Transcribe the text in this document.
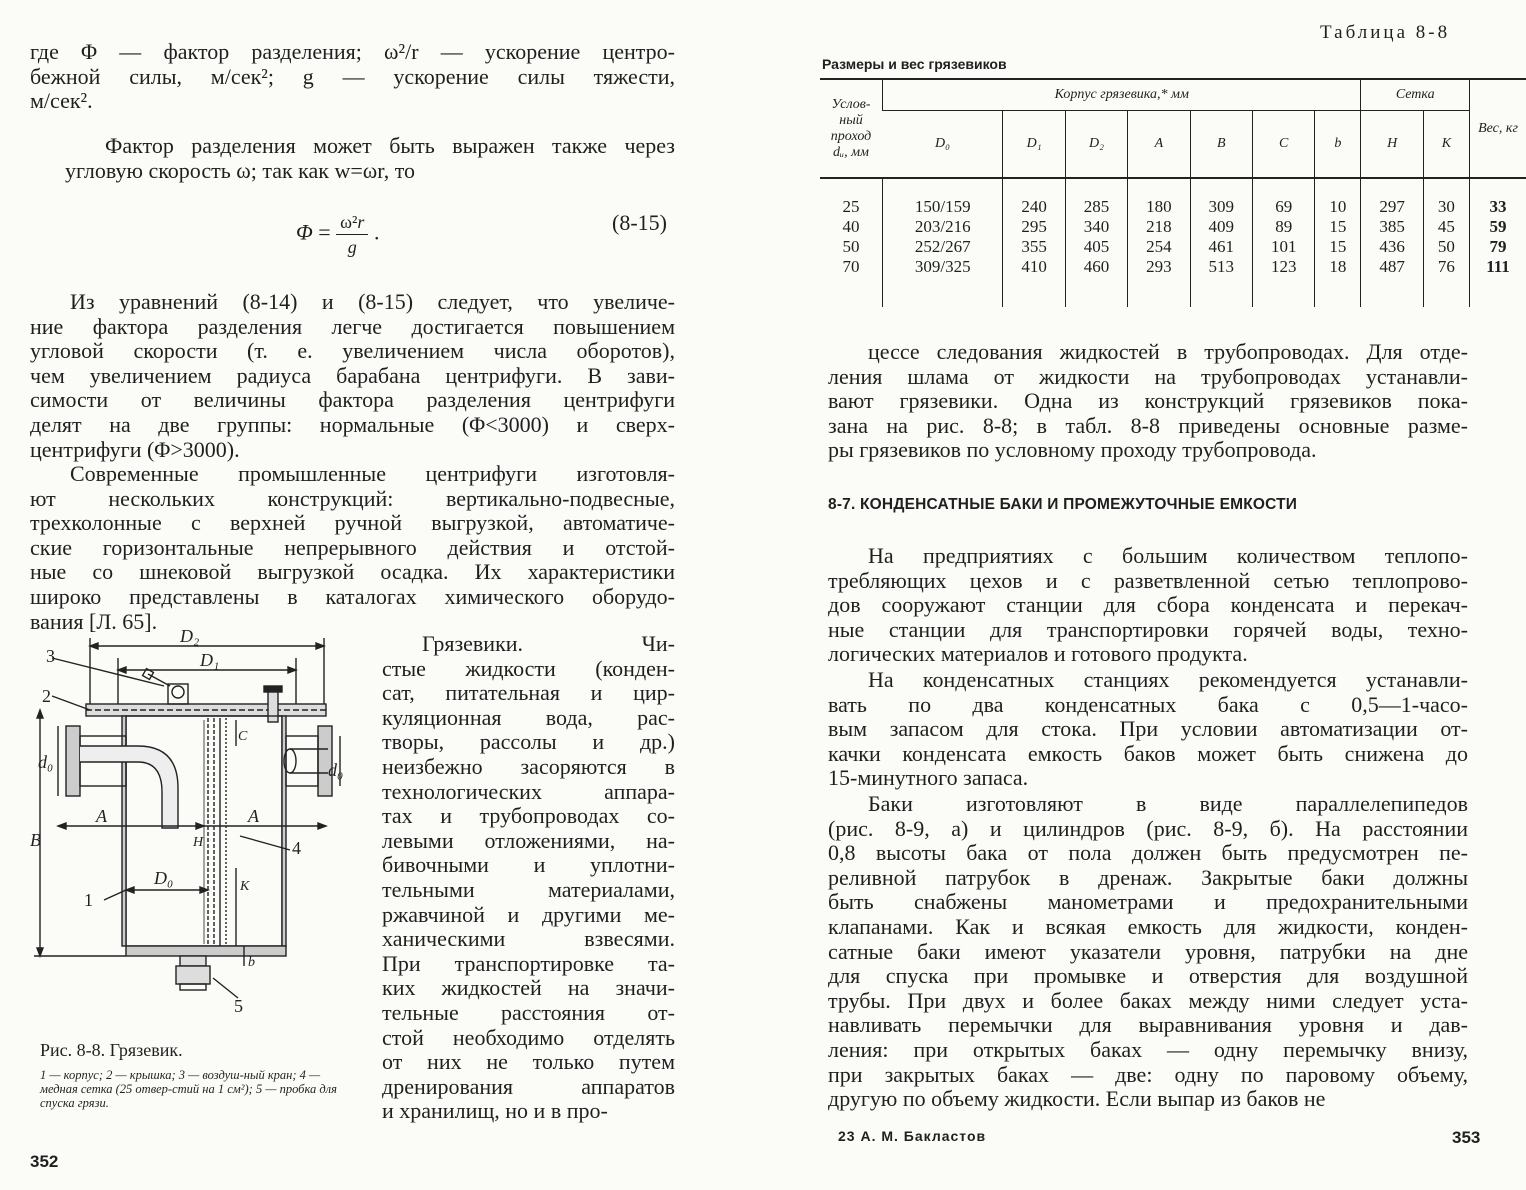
где Φ — фактор разделения; ω²/r — ускорение центро-
бежной силы, м/сек²; g — ускорение силы тяжести,
м/сек².
Фактор разделения может быть выражен также через
угловую скорость ω; так как w=ωr, то
$\Phi = \frac{\text{ω²r}}{g}$ .	(8-15)
Из уравнений (8-14) и (8-15) следует, что увеличе-
ние фактора разделения легче достигается повышением
угловой скорости (т. е. увеличением числа оборотов),
чем увеличением радиуса барабана центрифуги. В зави-
симости от величины фактора разделения центрифуги
делят на две группы: нормальные (Φ<3000) и сверх-
центрифуги (Φ>3000).
Современные промышленные центрифуги изготовля-
ют нескольких конструкций: вертикально-подвесные,
трехколонные с верхней ручной выгрузкой, автоматиче-
ские горизонтальные непрерывного действия и отстой-
ные со шнековой выгрузкой осадка. Их характеристики
широко представлены в каталогах химического оборудо-
вания [Л. 65].
Грязевики. Чи-
стые жидкости (конден-
сат, питательная и цир-
куляционная вода, рас-
творы, рассолы и др.)
неизбежно засоряются в
технологических аппара-
тах и трубопроводах со-
левыми отложениями, на-
бивочными и уплотни-
тельными материалами,
ржавчиной и другими ме-
ханическими взвесями.
При транспортировке та-
ких жидкостей на значи-
тельные расстояния от-
стой необходимо отделять
от них не только путем
дренирования аппаратов
и хранилищ, но и в про-
D₂
D₁
3
2
d₀	d₀
B	H
C
A	A
4
1
D₀	K
b
5
Рис. 8-8. Грязевик.
1 — корпус; 2 — крышка; 3 — воздуш-ный кран; 4 — медная сетка (25 отвер-стий на 1 см²); 5 — пробка для спуска грязи.
352
Таблица 8-8
Размеры и вес грязевиков
Услов-ный проход dᵤ, мм	Корпус грязевика,* мм							Сетка		Вес, кг
	D₀	D₁	D₂	A	B	C	b	H	K	

25	150/159	240	285	180	309	69	10	297	30	33
40	203/216	295	340	218	409	89	15	385	45	59
50	252/267	355	405	254	461	101	15	436	50	79
70	309/325	410	460	293	513	123	18	487	76	111

цессе следования жидкостей в трубопроводах. Для отде-
ления шлама от жидкости на трубопроводах устанавли-
вают грязевики. Одна из конструкций грязевиков пока-
зана на рис. 8-8; в табл. 8-8 приведены основные разме-
ры грязевиков по условному проходу трубопровода.
8-7. КОНДЕНСАТНЫЕ БАКИ И ПРОМЕЖУТОЧНЫЕ ЕМКОСТИ
На предприятиях с большим количеством теплопо-
требляющих цехов и с разветвленной сетью теплопрово-
дов сооружают станции для сбора конденсата и перекач-
ные станции для транспортировки горячей воды, техно-
логических материалов и готового продукта.
На конденсатных станциях рекомендуется устанавли-
вать по два конденсатных бака с 0,5—1-часо-
вым запасом для стока. При условии автоматизации от-
качки конденсата емкость баков может быть снижена до
15-минутного запаса.
Баки изготовляют в виде параллелепипедов
(рис. 8-9, а) и цилиндров (рис. 8-9, б). На расстоянии
0,8 высоты бака от пола должен быть предусмотрен пе-
реливной патрубок в дренаж. Закрытые баки должны
быть снабжены манометрами и предохранительными
клапанами. Как и всякая емкость для жидкости, конден-
сатные баки имеют указатели уровня, патрубки на дне
для спуска при промывке и отверстия для воздушной
трубы. При двух и более баках между ними следует уста-
навливать перемычки для выравнивания уровня и дав-
ления: при открытых баках — одну перемычку внизу,
при закрытых баках — две: одну по паровому объему,
другую по объему жидкости. Если выпар из баков не
23 А. М. Бакластов	353
